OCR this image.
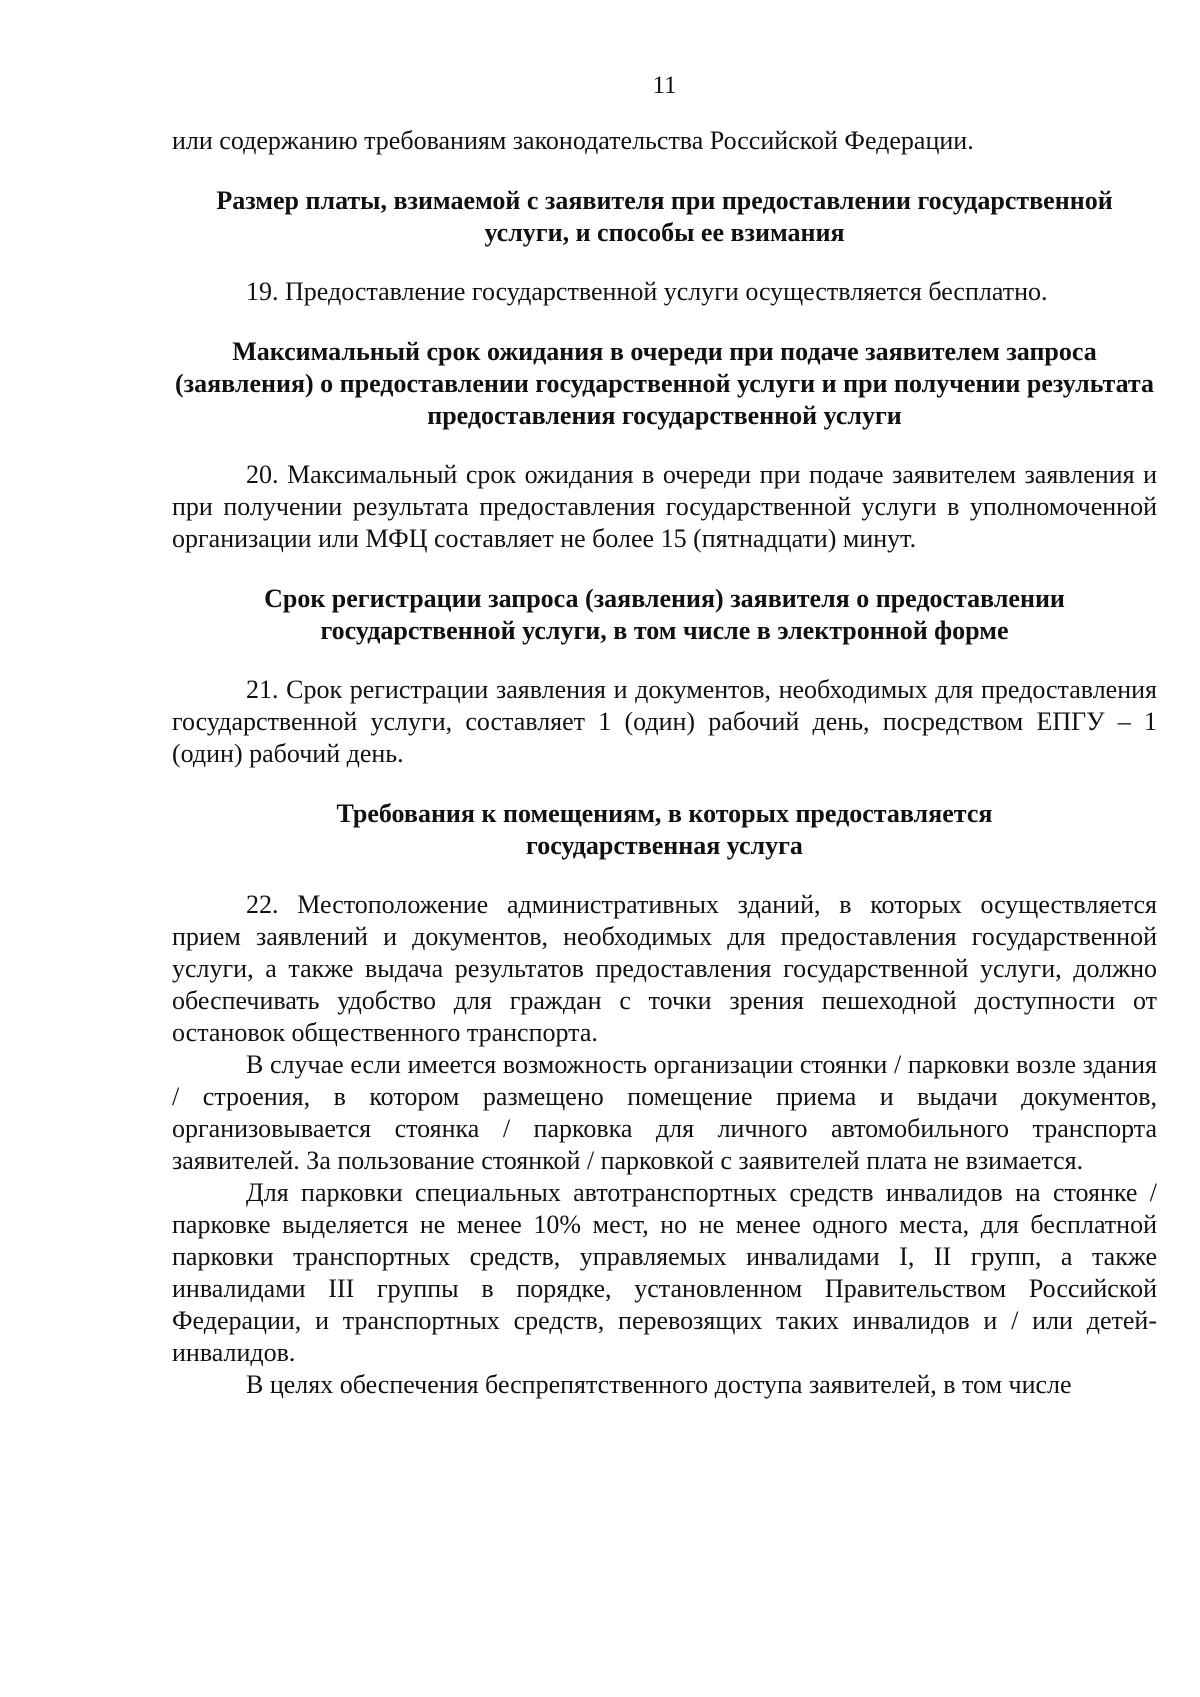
11

или содержанию требованиям законодательства Российской Федерации.

Размер платы, взимаемой с заявителя при предоставлении государственной услуги, и способы ее взимания

19. Предоставление государственной услуги осуществляется бесплатно.

Максимальный срок ожидания в очереди при подаче заявителем запроса (заявления) о предоставлении государственной услуги и при получении результата предоставления государственной услуги

20. Максимальный срок ожидания в очереди при подаче заявителем заявления и при получении результата предоставления государственной услуги в уполномоченной организации или МФЦ составляет не более 15 (пятнадцати) минут.

Срок регистрации запроса (заявления) заявителя о предоставлении государственной услуги, в том числе в электронной форме

21. Срок регистрации заявления и документов, необходимых для предоставления государственной услуги, составляет 1 (один) рабочий день, посредством ЕПГУ – 1 (один) рабочий день.

Требования к помещениям, в которых предоставляется государственная услуга

22. Местоположение административных зданий, в которых осуществляется прием заявлений и документов, необходимых для предоставления государственной услуги, а также выдача результатов предоставления государственной услуги, должно обеспечивать удобство для граждан с точки зрения пешеходной доступности от остановок общественного транспорта.

В случае если имеется возможность организации стоянки / парковки возле здания / строения, в котором размещено помещение приема и выдачи документов, организовывается стоянка / парковка для личного автомобильного транспорта заявителей. За пользование стоянкой / парковкой с заявителей плата не взимается.

Для парковки специальных автотранспортных средств инвалидов на стоянке / парковке выделяется не менее 10% мест, но не менее одного места, для бесплатной парковки транспортных средств, управляемых инвалидами I, II групп, а также инвалидами III группы в порядке, установленном Правительством Российской Федерации, и транспортных средств, перевозящих таких инвалидов и / или детей-инвалидов.

В целях обеспечения беспрепятственного доступа заявителей, в том числе
